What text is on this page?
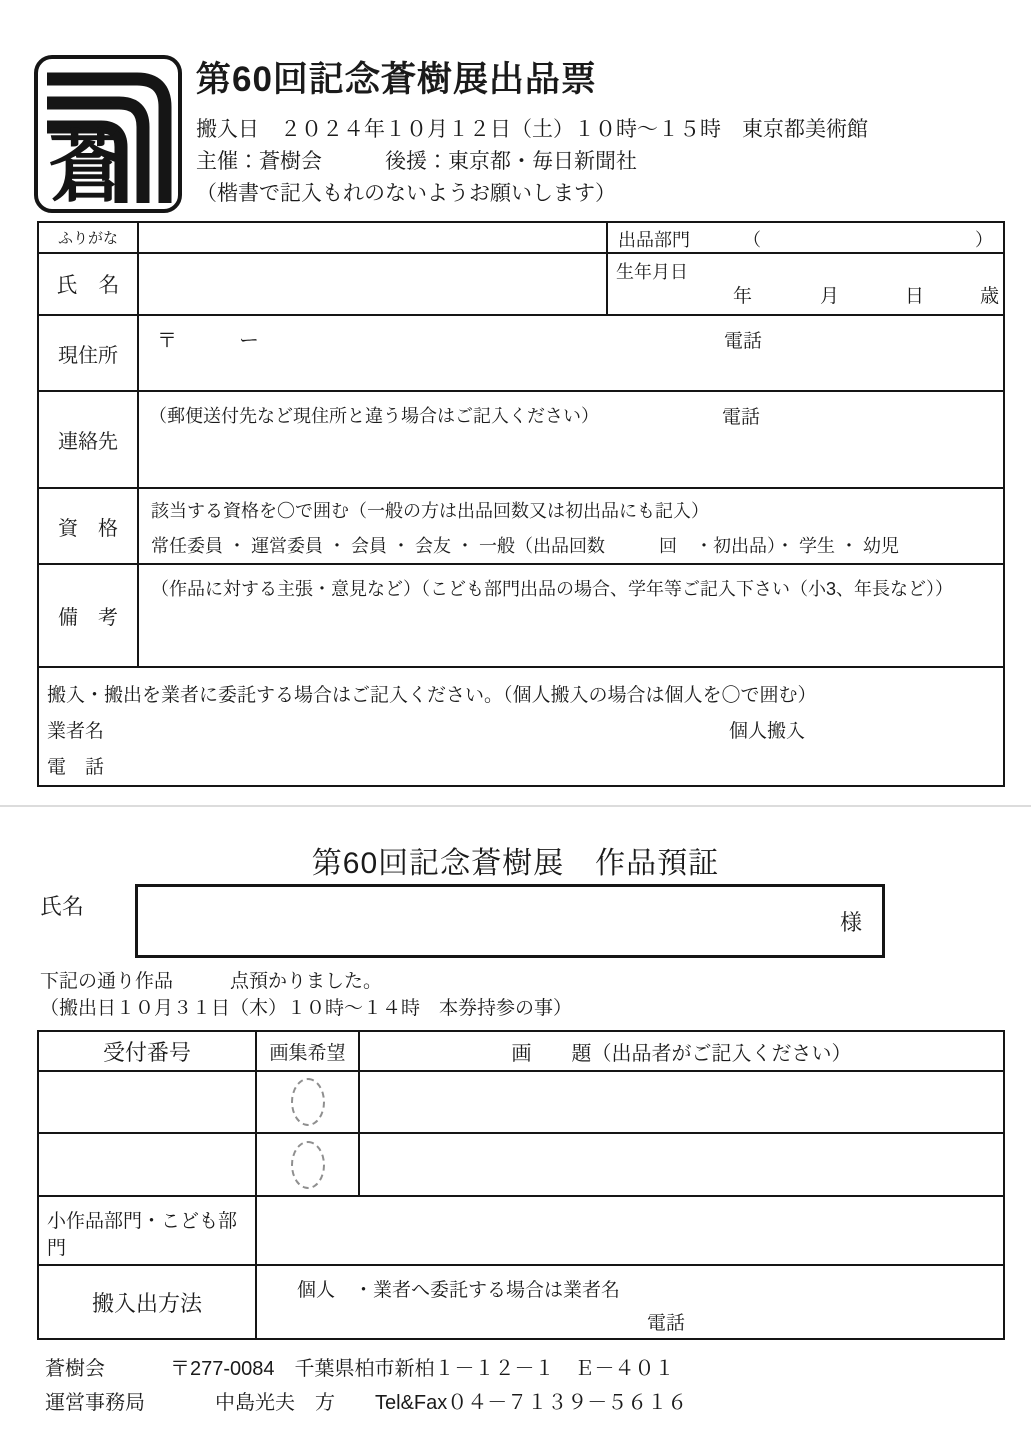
蒼
第60回記念蒼樹展出品票
搬入日　２０２４年１０月１２日（土）１０時～１５時　東京都美術館
主催：蒼樹会　　　後援：東京都・毎日新聞社
（楷書で記入もれのないようお願いします）
ふりがな	出品部門	（	）
氏　名
生年月日
年	月	日	歳
現住所
〒	ー	電話
連絡先
（郵便送付先など現住所と違う場合はご記入ください）	電話
資　格
該当する資格を〇で囲む（一般の方は出品回数又は初出品にも記入）
常任委員 ・ 運営委員 ・ 会員 ・ 会友 ・ 一般（出品回数　　　回　・初出品）・ 学生 ・ 幼児
備　考
（作品に対する主張・意見など）（こども部門出品の場合、学年等ご記入下さい（小3、年長など））
搬入・搬出を業者に委託する場合はご記入ください。（個人搬入の場合は個人を〇で囲む）
業者名	個人搬入
電　話
第60回記念蒼樹展　作品預証
氏名
様
下記の通り作品　　　点預かりました。
（搬出日１０月３１日（木）１０時～１４時　本券持参の事）
受付番号	画集希望	画　　題（出品者がご記入ください）
小作品部門・こども部門
搬入出方法	個人　・業者へ委託する場合は業者名
電話
蒼樹会	〒277-0084　千葉県柏市新柏１－１２－１　Ｅ－４０１
運営事務局	中島光夫　方　　Tel&Fax０４－７１３９－５６１６
